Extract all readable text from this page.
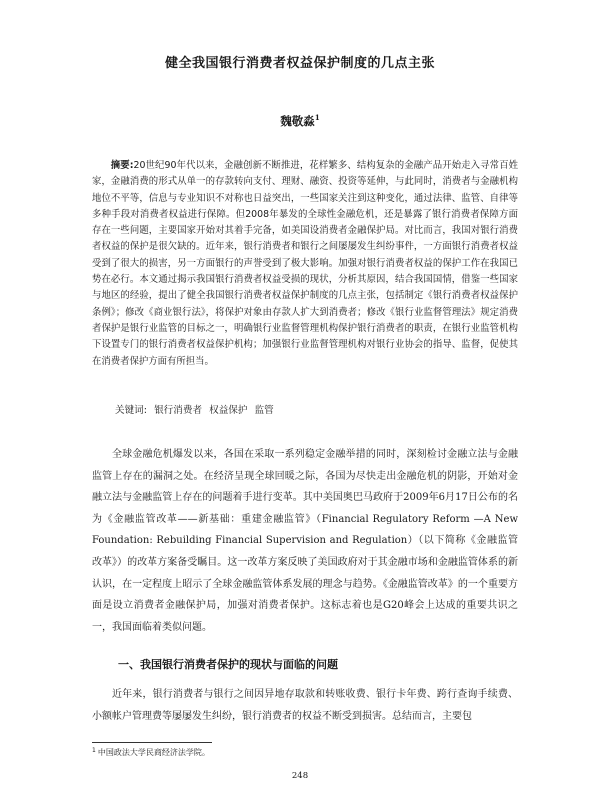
健全我国银行消费者权益保护制度的几点主张
魏敬淼$^1$

摘要:20世纪90年代以来，金融创新不断推进，花样繁多、结构复杂的金融产品开始走入寻常百姓家，金融消费的形式从单一的存款转向支付、理财、融资、投资等延伸，与此同时，消费者与金融机构地位不平等，信息与专业知识不对称也日益突出，一些国家关注到这种变化，通过法律、监管、自律等多种手段对消费者权益进行保障。但2008年暴发的全球性金融危机，还是暴露了银行消费者保障方面存在一些问题，主要国家开始对其着手完备，如美国设消费者金融保护局。对比而言，我国对银行消费者权益的保护是很欠缺的。近年来，银行消费者和银行之间屡屡发生纠纷事件，一方面银行消费者权益受到了很大的损害，另一方面银行的声誉受到了极大影响。加强对银行消费者权益的保护工作在我国已势在必行。本文通过揭示我国银行消费者权益受损的现状，分析其原因，结合我国国情，借鉴一些国家与地区的经验，提出了健全我国银行消费者权益保护制度的几点主张，包括制定《银行消费者权益保护条例》；修改《商业银行法》，将保护对象由存款人扩大到消费者；修改《银行业监督管理法》规定消费者保护是银行业监管的目标之一，明确银行业监督管理机构保护银行消费者的职责，在银行业监管机构下设置专门的银行消费者权益保护机构；加强银行业监督管理机构对银行业协会的指导、监督，促使其在消费者保护方面有所担当。

关键词: 银行消费者 权益保护 监管

全球金融危机爆发以来，各国在采取一系列稳定金融举措的同时，深刻检讨金融立法与金融监管上存在的漏洞之处。在经济呈现全球回暖之际，各国为尽快走出金融危机的阴影，开始对金融立法与金融监管上存在的问题着手进行变革。其中美国奥巴马政府于2009年6月17日公布的名为《金融监管改革——新基础：重建金融监管》（Financial Regulatory Reform —A New Foundation: Rebuilding Financial Supervision and Regulation）（以下简称《金融监管改革》）的改革方案备受瞩目。这一改革方案反映了美国政府对于其金融市场和金融监管体系的新认识，在一定程度上昭示了全球金融监管体系发展的理念与趋势。《金融监管改革》的一个重要方面是设立消费者金融保护局，加强对消费者保护。这标志着也是G20峰会上达成的重要共识之一，我国面临着类似问题。

一、我国银行消费者保护的现状与面临的问题

近年来，银行消费者与银行之间因异地存取款和转账收费、银行卡年费、跨行查询手续费、小额帐户管理费等屡屡发生纠纷，银行消费者的权益不断受到损害。总结而言，主要包

$^1$ 中国政法大学民商经济法学院。
248
